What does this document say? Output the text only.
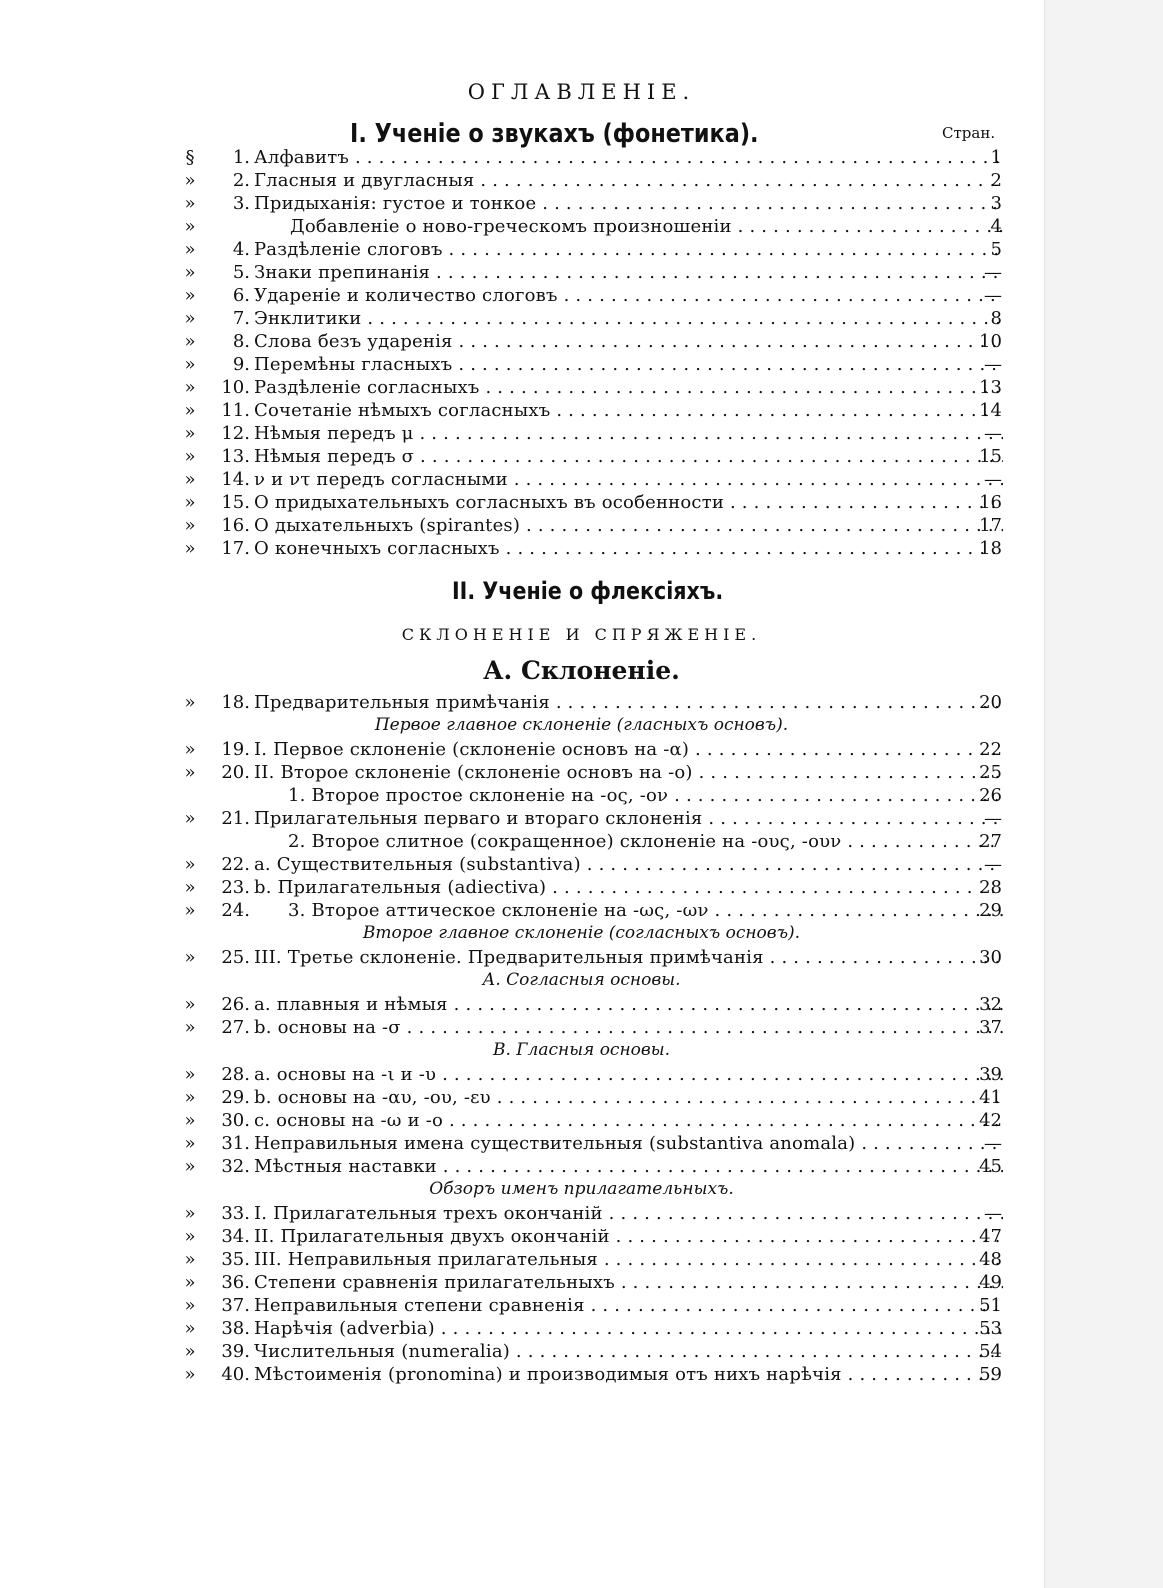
ОГЛАВЛЕНІЕ.
I. Ученіе о звукахъ (фонетика).	Стран.
§	1. Алфавитъ . . .	1
»	2. Гласныя и двугласныя . . .	2
»	3. Придыханія: густое и тонкое . . .	3
»	Добавленіе о ново-греческомъ произношеніи . . .	4
»	4. Раздѣленіе слоговъ . . .	5
»	5. Знаки препинанія . . .	—
»	6. Удареніе и количество слоговъ . . .	—
»	7. Энклитики . . .	8
»	8. Слова безъ ударенія . . .	10
»	9. Перемѣны гласныхъ . . .	—
»	10. Раздѣленіе согласныхъ . . .	13
»	11. Сочетаніе нѣмыхъ согласныхъ . . .	14
»	12. Нѣмыя передъ μ . . .	—
»	13. Нѣмыя передъ σ . . .	15
»	14. ν и ντ передъ согласными . . .	—
»	15. О придыхательныхъ согласныхъ въ особенности . . .	16
»	16. О дыхательныхъ (spirantes) . . .	17
»	17. О конечныхъ согласныхъ . . .	18
II. Ученіе о флексіяхъ.
СКЛОНЕНІЕ И СПРЯЖЕНІЕ.
А. Склоненіе.
»	18. Предварительныя примѣчанія . . .	20
Первое главное склоненіе (гласныхъ основъ).
»	19. I. Первое склоненіе (склоненіе основъ на -α) . . .	22
»	20. II. Второе склоненіе (склоненіе основъ на -ο) . . .	25
1. Второе простое склоненіе на -ος, -ον . . .	26
»	21. Прилагательныя перваго и втораго склоненія . . .	—
2. Второе слитное (сокращенное) склоненіе на -ους, -ουν . . .	27
»	22. a. Существительныя (substantiva) . . .	—
»	23. b. Прилагательныя (adiectiva) . . .	28
»	24. 3. Второе аттическое склоненіе на -ως, -ων . . .	29
Второе главное склоненіе (согласныхъ основъ).
»	25. III. Третье склоненіе. Предварительныя примѣчанія . . .	30
А. Согласныя основы.
»	26. a. плавныя и нѣмыя . . .	32
»	27. b. основы на -σ . . .	37
В. Гласныя основы.
»	28. a. основы на -ι и -υ . . .	39
»	29. b. основы на -αυ, -ου, -ευ . . .	41
»	30. c. основы на -ω и -ο . . .	42
»	31. Неправильныя имена существительныя (substantiva anomala) . . .	—
»	32. Мѣстныя наставки . . .	45
Обзоръ именъ прилагательныхъ.
»	33. I. Прилагательныя трехъ окончаній . . .	—
»	34. II. Прилагательныя двухъ окончаній . . .	47
»	35. III. Неправильныя прилагательныя . . .	48
»	36. Степени сравненія прилагательныхъ . . .	49
»	37. Неправильныя степени сравненія . . .	51
»	38. Нарѣчія (adverbia) . . .	53
»	39. Числительныя (numeralia) . . .	54
»	40. Мѣстоименія (pronomina) и производимыя отъ нихъ нарѣчія . . .	59
